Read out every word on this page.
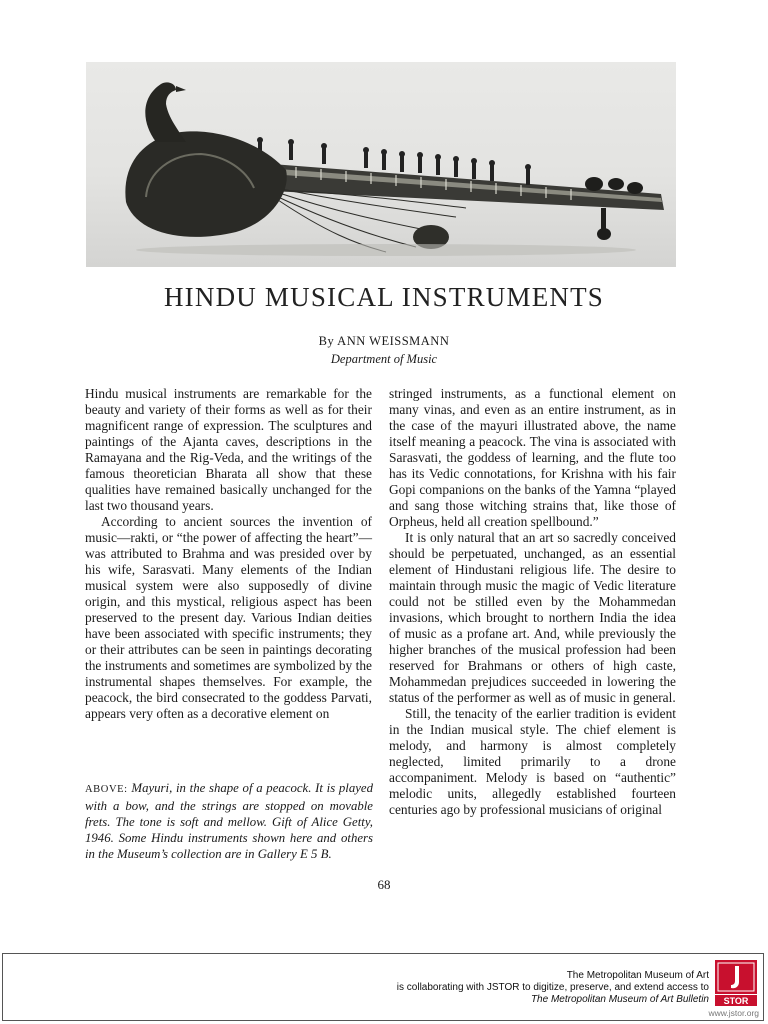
HINDU MUSICAL INSTRUMENTS
By ANN WEISSMANN
Department of Music

Hindu musical instruments are remarkable for the beauty and variety of their forms as well as for their magnificent range of expression. The sculptures and paintings of the Ajanta caves, descriptions in the Ramayana and the Rig-Veda, and the writings of the famous theoretician Bharata all show that these qualities have remained basically unchanged for the last two thousand years.

According to ancient sources the invention of music—rakti, or “the power of affecting the heart”—was attributed to Brahma and was presided over by his wife, Sarasvati. Many elements of the Indian musical system were also supposedly of divine origin, and this mystical, religious aspect has been preserved to the present day. Various Indian deities have been associated with specific instruments; they or their attributes can be seen in paintings decorating the instruments and sometimes are symbolized by the instrumental shapes themselves. For example, the peacock, the bird consecrated to the goddess Parvati, appears very often as a decorative element on

stringed instruments, as a functional element on many vinas, and even as an entire instrument, as in the case of the mayuri illustrated above, the name itself meaning a peacock. The vina is associated with Sarasvati, the goddess of learning, and the flute too has its Vedic connotations, for Krishna with his fair Gopi companions on the banks of the Yamna “played and sang those witching strains that, like those of Orpheus, held all creation spellbound.”

It is only natural that an art so sacredly conceived should be perpetuated, unchanged, as an essential element of Hindustani religious life. The desire to maintain through music the magic of Vedic literature could not be stilled even by the Mohammedan invasions, which brought to northern India the idea of music as a profane art. And, while previously the higher branches of the musical profession had been reserved for Brahmans or others of high caste, Mohammedan prejudices succeeded in lowering the status of the performer as well as of music in general.

Still, the tenacity of the earlier tradition is evident in the Indian musical style. The chief element is melody, and harmony is almost completely neglected, limited primarily to a drone accompaniment. Melody is based on “authentic” melodic units, allegedly established fourteen centuries ago by professional musicians of original

ABOVE: Mayuri, in the shape of a peacock. It is played with a bow, and the strings are stopped on movable frets. The tone is soft and mellow. Gift of Alice Getty, 1946. Some Hindu instruments shown here and others in the Museum’s collection are in Gallery E 5 B.
68
The Metropolitan Museum of Art
is collaborating with JSTOR to digitize, preserve, and extend access to
The Metropolitan Museum of Art Bulletin STOR
www.jstor.org
